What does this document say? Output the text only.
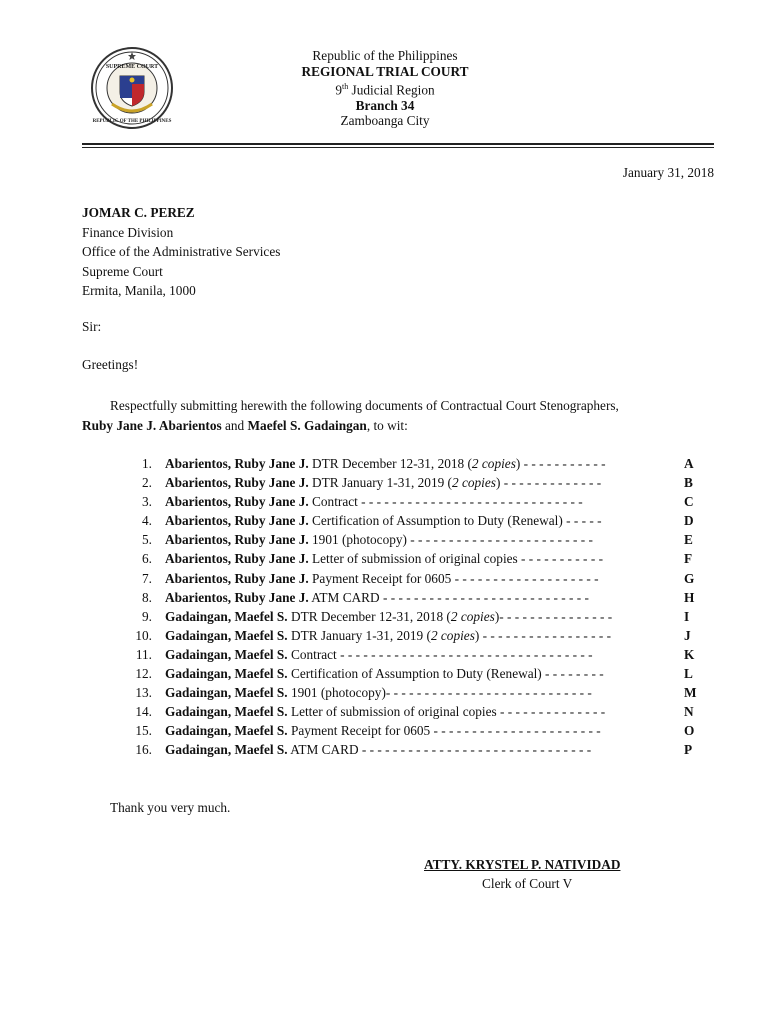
SUPREME COURT
REPUBLIC OF THE PHILIPPINES
Republic of the Philippines
REGIONAL TRIAL COURT
9th Judicial Region
Branch 34
Zamboanga City
January 31, 2018
JOMAR C. PEREZ
Finance Division
Office of the Administrative Services
Supreme Court
Ermita, Manila, 1000
Sir:
Greetings!
Respectfully submitting herewith the following documents of Contractual Court Stenographers,
Ruby Jane J. Abarientos and Maefel S. Gadaingan, to wit:
1. Abarientos, Ruby Jane J. DTR December 12-31, 2018 (2 copies) - - - - - - - - - - -	A
2. Abarientos, Ruby Jane J. DTR January 1-31, 2019 (2 copies) - - - - - - - - - - - - -	B
3. Abarientos, Ruby Jane J. Contract - - - - - - - - - - - - - - - - - - - - - - - - - - - - -	C
4. Abarientos, Ruby Jane J. Certification of Assumption to Duty (Renewal) - - - - -	D
5. Abarientos, Ruby Jane J. 1901 (photocopy) - - - - - - - - - - - - - - - - - - - - - - - -	E
6. Abarientos, Ruby Jane J. Letter of submission of original copies - - - - - - - - - - -	F
7. Abarientos, Ruby Jane J. Payment Receipt for 0605 - - - - - - - - - - - - - - - - - - -	G
8. Abarientos, Ruby Jane J. ATM CARD - - - - - - - - - - - - - - - - - - - - - - - - - - -	H
9. Gadaingan, Maefel S. DTR December 12-31, 2018 (2 copies)- - - - - - - - - - - - - - -	I
10. Gadaingan, Maefel S. DTR January 1-31, 2019 (2 copies) - - - - - - - - - - - - - - - - -	J
11. Gadaingan, Maefel S. Contract - - - - - - - - - - - - - - - - - - - - - - - - - - - - - - - - -	K
12. Gadaingan, Maefel S. Certification of Assumption to Duty (Renewal) - - - - - - - -	L
13. Gadaingan, Maefel S. 1901 (photocopy)- - - - - - - - - - - - - - - - - - - - - - - - - - -	M
14. Gadaingan, Maefel S. Letter of submission of original copies - - - - - - - - - - - - - -	N
15. Gadaingan, Maefel S. Payment Receipt for 0605 - - - - - - - - - - - - - - - - - - - - - -	O
16. Gadaingan, Maefel S. ATM CARD - - - - - - - - - - - - - - - - - - - - - - - - - - - - - -	P
Thank you very much.
ATTY. KRYSTEL P. NATIVIDAD
Clerk of Court V
